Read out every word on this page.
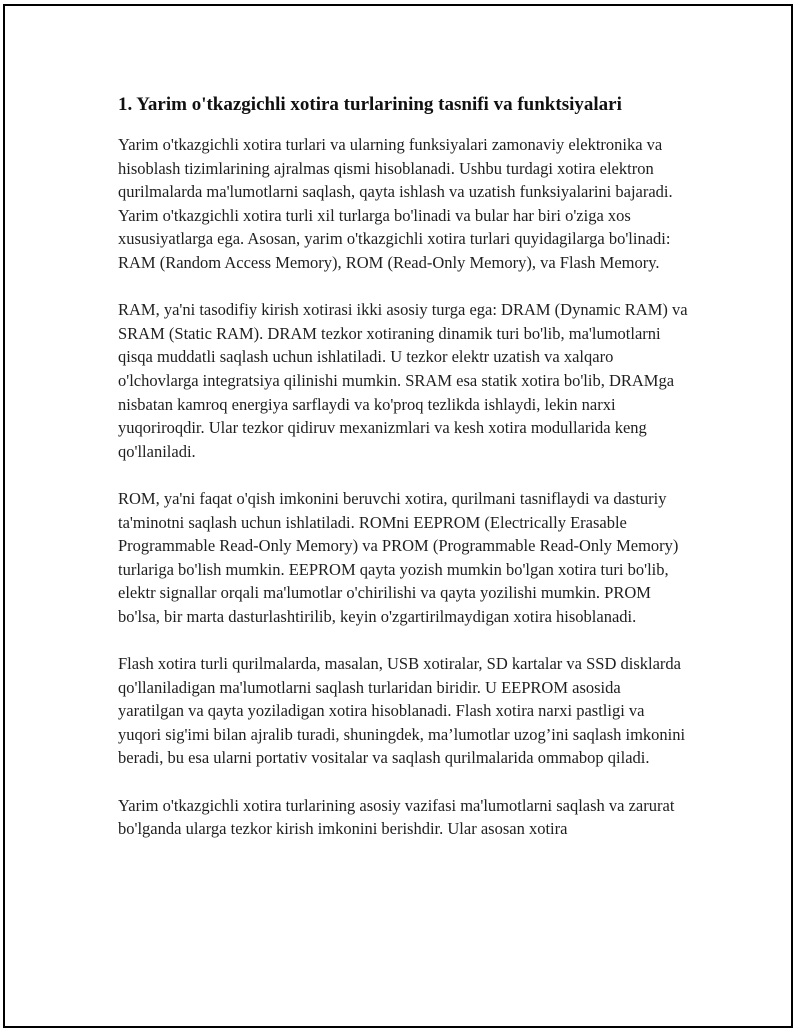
1. Yarim o'tkazgichli xotira turlarining tasnifi va funktsiyalari

Yarim o'tkazgichli xotira turlari va ularning funksiyalari zamonaviy elektronika va hisoblash tizimlarining ajralmas qismi hisoblanadi. Ushbu turdagi xotira elektron qurilmalarda ma'lumotlarni saqlash, qayta ishlash va uzatish funksiyalarini bajaradi. Yarim o'tkazgichli xotira turli xil turlarga bo'linadi va bular har biri o'ziga xos xususiyatlarga ega. Asosan, yarim o'tkazgichli xotira turlari quyidagilarga bo'linadi: RAM (Random Access Memory), ROM (Read-Only Memory), va Flash Memory.

RAM, ya'ni tasodifiy kirish xotirasi ikki asosiy turga ega: DRAM (Dynamic RAM) va SRAM (Static RAM). DRAM tezkor xotiraning dinamik turi bo'lib, ma'lumotlarni qisqa muddatli saqlash uchun ishlatiladi. U tezkor elektr uzatish va xalqaro o'lchovlarga integratsiya qilinishi mumkin. SRAM esa statik xotira bo'lib, DRAMga nisbatan kamroq energiya sarflaydi va ko'proq tezlikda ishlaydi, lekin narxi yuqoriroqdir. Ular tezkor qidiruv mexanizmlari va kesh xotira modullarida keng qo'llaniladi.

ROM, ya'ni faqat o'qish imkonini beruvchi xotira, qurilmani tasniflaydi va dasturiy ta'minotni saqlash uchun ishlatiladi. ROMni EEPROM (Electrically Erasable Programmable Read-Only Memory) va PROM (Programmable Read-Only Memory) turlariga bo'lish mumkin. EEPROM qayta yozish mumkin bo'lgan xotira turi bo'lib, elektr signallar orqali ma'lumotlar o'chirilishi va qayta yozilishi mumkin. PROM bo'lsa, bir marta dasturlashtirilib, keyin o'zgartirilmaydigan xotira hisoblanadi.

Flash xotira turli qurilmalarda, masalan, USB xotiralar, SD kartalar va SSD disklarda qo'llaniladigan ma'lumotlarni saqlash turlaridan biridir. U EEPROM asosida yaratilgan va qayta yoziladigan xotira hisoblanadi. Flash xotira narxi pastligi va yuqori sig'imi bilan ajralib turadi, shuningdek, ma’lumotlar uzog’ini saqlash imkonini beradi, bu esa ularni portativ vositalar va saqlash qurilmalarida ommabop qiladi.

Yarim o'tkazgichli xotira turlarining asosiy vazifasi ma'lumotlarni saqlash va zarurat bo'lganda ularga tezkor kirish imkonini berishdir. Ular asosan xotira
